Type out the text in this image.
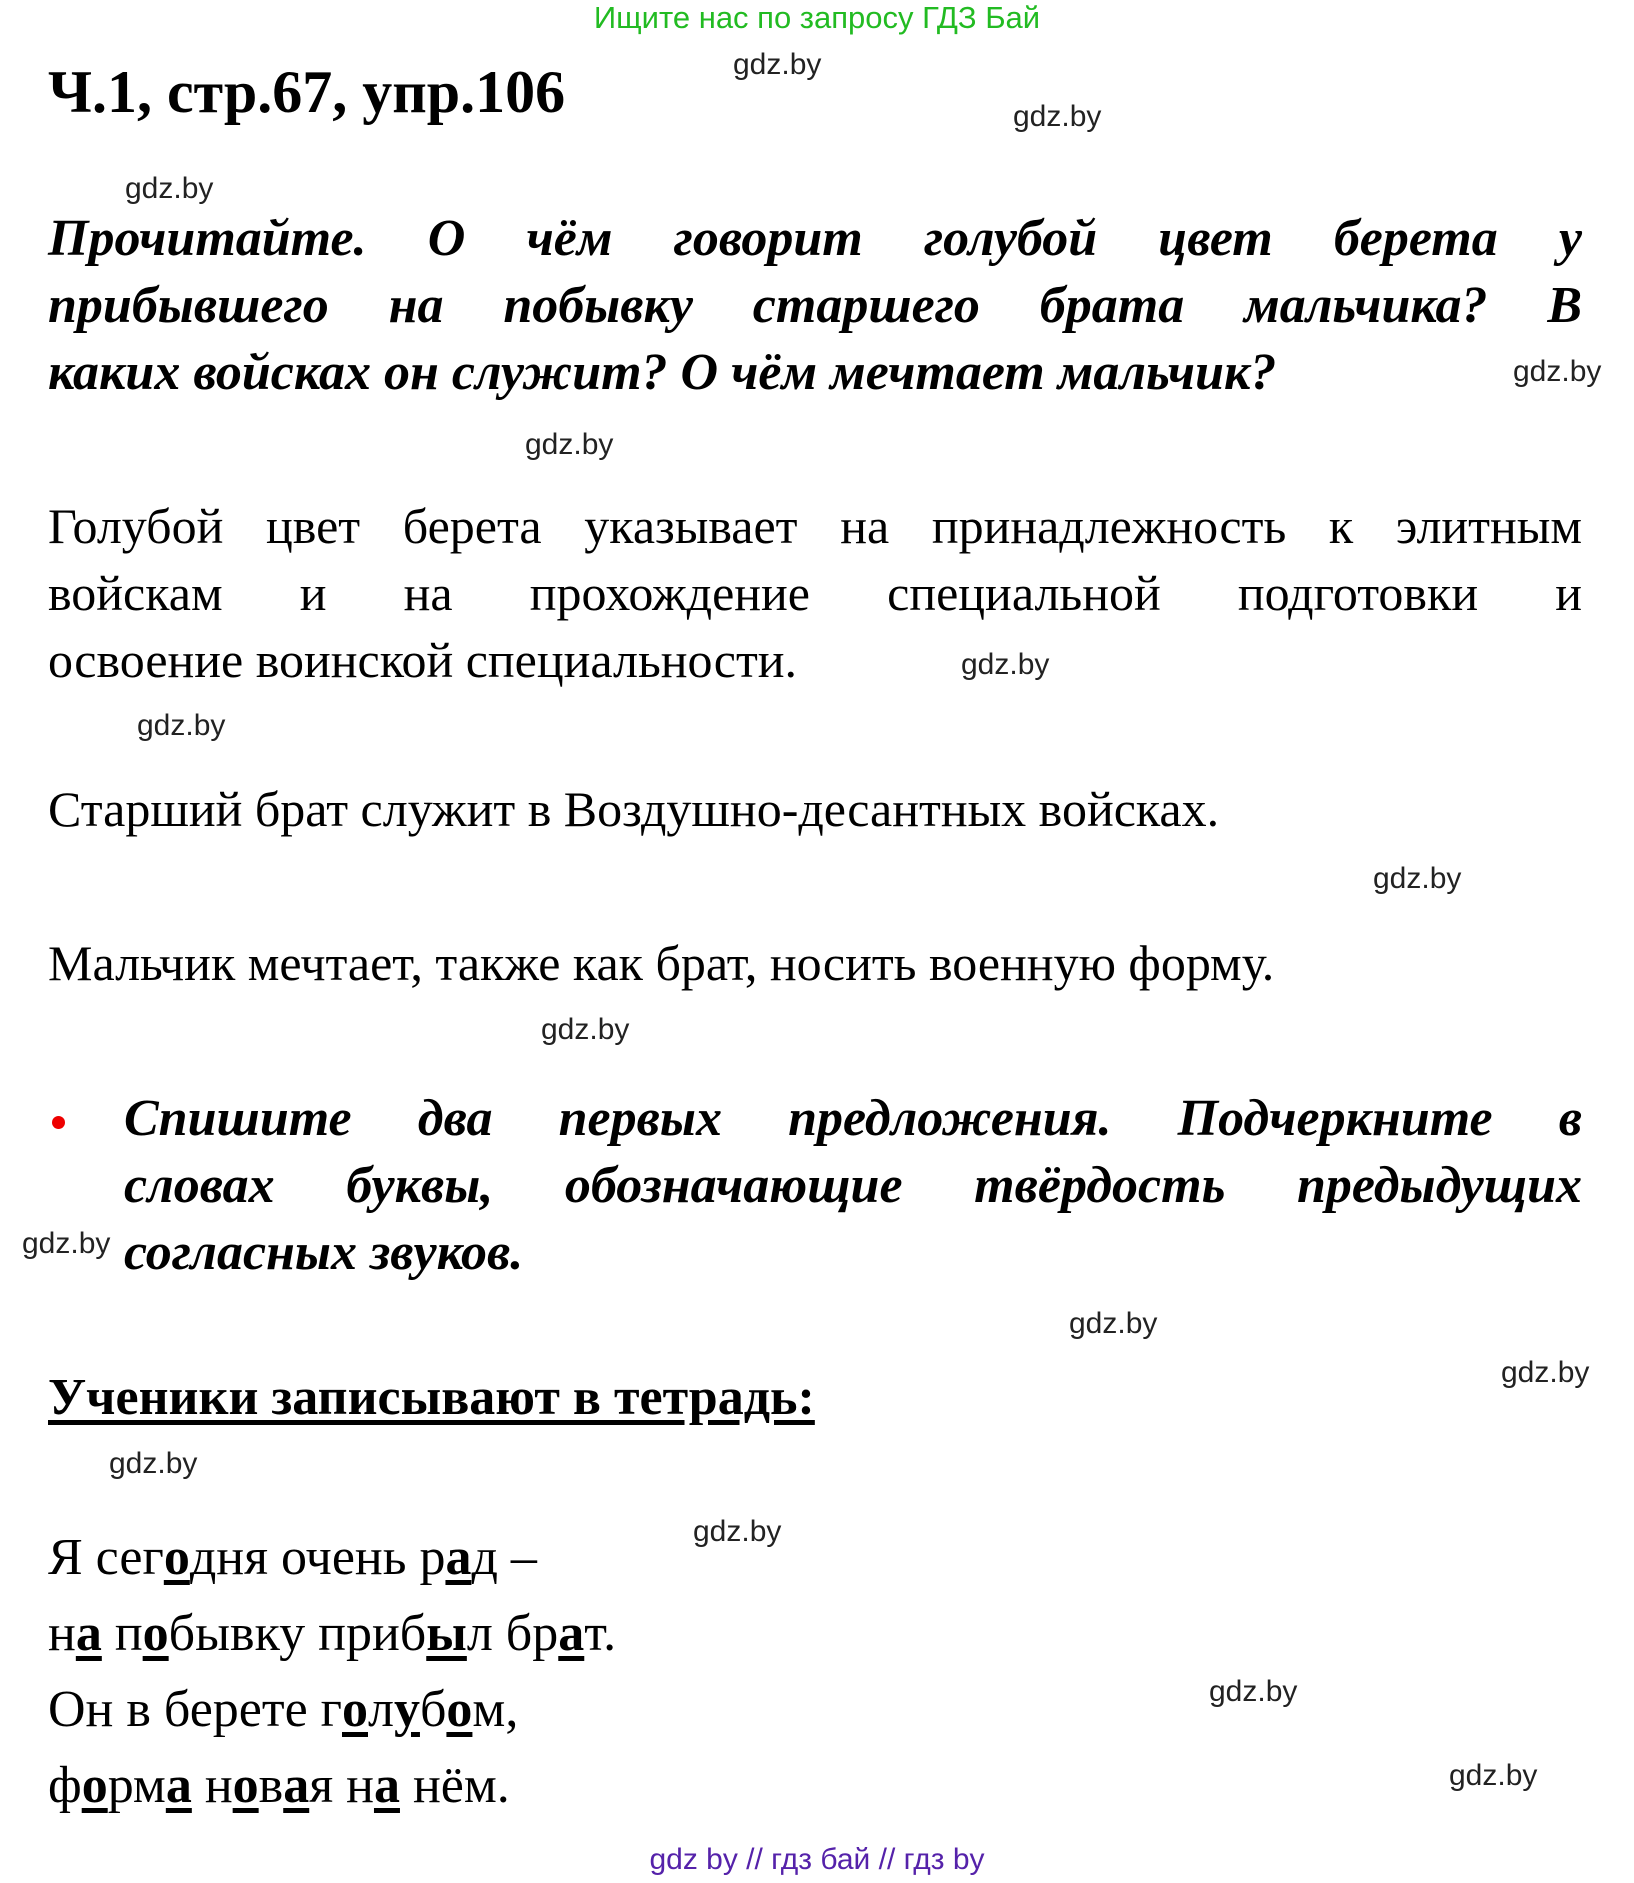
Ищите нас по запросу ГДЗ Бай
Ч.1, стр.67, упр.106
Прочитайте. О чём говорит голубой цвет берета у
прибывшего на побывку старшего брата мальчика? В
каких войсках он служит? О чём мечтает мальчик?
Голубой цвет берета указывает на принадлежность к элитным
войскам и на прохождение специальной подготовки и
освоение воинской специальности.
Старший брат служит в Воздушно-десантных войсках.
Мальчик мечтает, также как брат, носить военную форму.
Спишите два первых предложения. Подчеркните в
словах буквы, обозначающие твёрдость предыдущих
согласных звуков.
Ученики записывают в тетрадь:
Я сегодня очень рад –
на побывку прибыл брат.
Он в берете голубом,
форма новая на нём.
gdz by // гдз бай // гдз by
gdz.by
gdz.by
gdz.by
gdz.by
gdz.by
gdz.by
gdz.by
gdz.by
gdz.by
gdz.by
gdz.by
gdz.by
gdz.by
gdz.by
gdz.by
gdz.by
